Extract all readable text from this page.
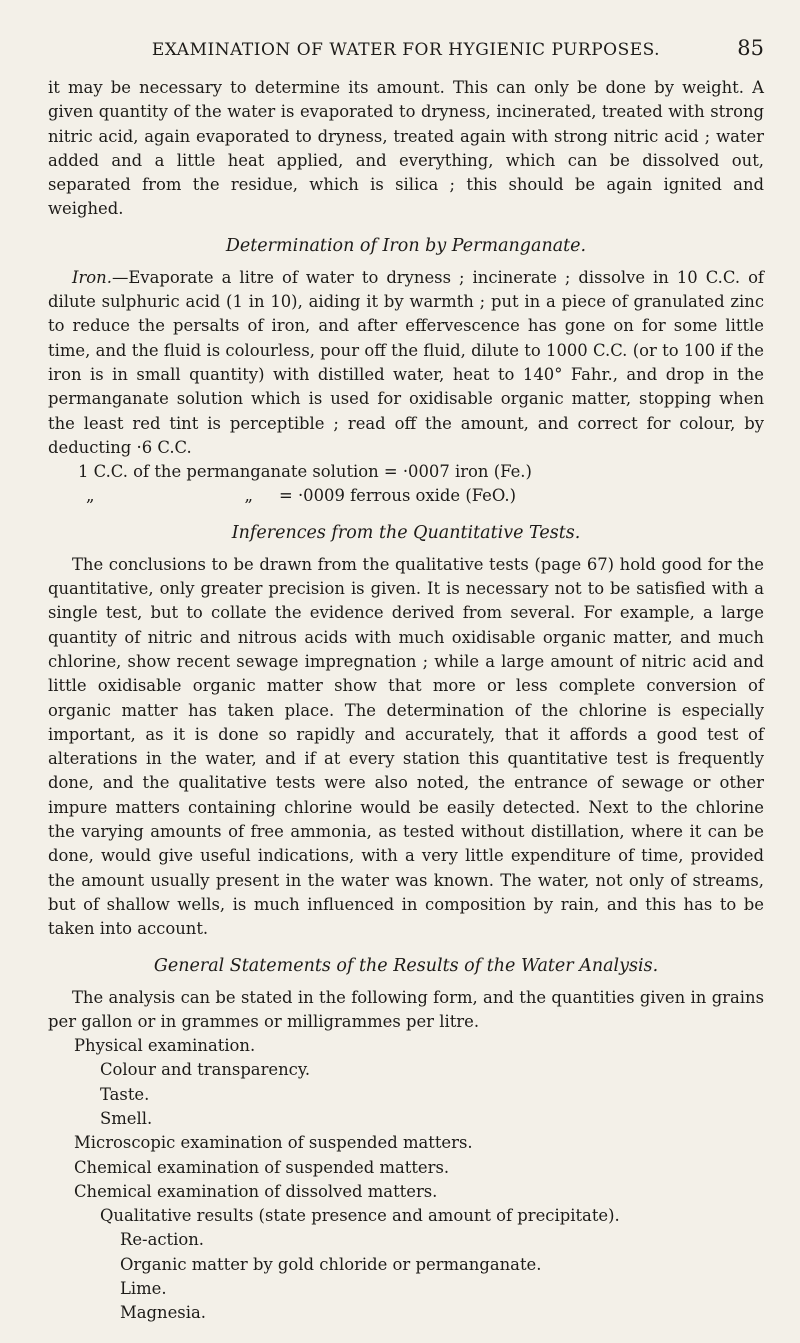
EXAMINATION OF WATER FOR HYGIENIC PURPOSES.	85

it may be necessary to determine its amount. This can only be done by weight. A given quantity of the water is evaporated to dryness, incinerated, treated with strong nitric acid, again evaporated to dryness, treated again with strong nitric acid ; water added and a little heat applied, and everything, which can be dissolved out, separated from the residue, which is silica ; this should be again ignited and weighed.

Determination of Iron by Permanganate.

Iron.—Evaporate a litre of water to dryness ; incinerate ; dissolve in 10 C.C. of dilute sulphuric acid (1 in 10), aiding it by warmth ; put in a piece of granulated zinc to reduce the persalts of iron, and after effervescence has gone on for some little time, and the fluid is colourless, pour off the fluid, dilute to 1000 C.C. (or to 100 if the iron is in small quantity) with distilled water, heat to 140° Fahr., and drop in the permanganate solution which is used for oxidisable organic matter, stopping when the least red tint is perceptible ; read off the amount, and correct for colour, by deducting ·6 C.C.

1 C.C. of the permanganate solution = ·0007 iron (Fe.)
„	„ = ·0009 ferrous oxide (FeO.)
Inferences from the Quantitative Tests.

The conclusions to be drawn from the qualitative tests (page 67) hold good for the quantitative, only greater precision is given. It is necessary not to be satisfied with a single test, but to collate the evidence derived from several. For example, a large quantity of nitric and nitrous acids with much oxidisable organic matter, and much chlorine, show recent sewage impregnation ; while a large amount of nitric acid and little oxidisable organic matter show that more or less complete conversion of organic matter has taken place. The determination of the chlorine is especially important, as it is done so rapidly and accurately, that it affords a good test of alterations in the water, and if at every station this quantitative test is frequently done, and the qualitative tests were also noted, the entrance of sewage or other impure matters containing chlorine would be easily detected. Next to the chlorine the varying amounts of free ammonia, as tested without distillation, where it can be done, would give useful indications, with a very little expenditure of time, provided the amount usually present in the water was known. The water, not only of streams, but of shallow wells, is much influenced in composition by rain, and this has to be taken into account.

General Statements of the Results of the Water Analysis.

The analysis can be stated in the following form, and the quantities given in grains per gallon or in grammes or milligrammes per litre.

Physical examination.
Colour and transparency.
Taste.
Smell.
Microscopic examination of suspended matters.
Chemical examination of suspended matters.
Chemical examination of dissolved matters.
Qualitative results (state presence and amount of precipitate).
Re-action.
Organic matter by gold chloride or permanganate.
Lime.
Magnesia.
